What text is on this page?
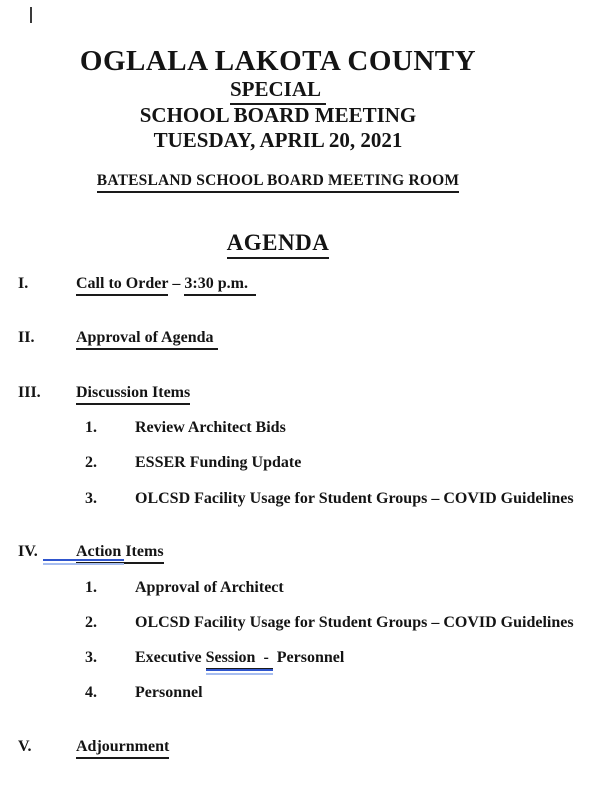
OGLALA LAKOTA COUNTY
SPECIAL
SCHOOL BOARD MEETING
TUESDAY, APRIL 20, 2021
BATESLAND SCHOOL BOARD MEETING ROOM
AGENDA
I.	Call to Order – 3:30 p.m.
II.	Approval of Agenda
III. Discussion Items
1. Review Architect Bids
2. ESSER Funding Update
3. OLCSD Facility Usage for Student Groups – COVID Guidelines
IV. Action Items
1. Approval of Architect
2. OLCSD Facility Usage for Student Groups – COVID Guidelines
3. Executive Session  -  Personnel
4. Personnel
V.	Adjournment
